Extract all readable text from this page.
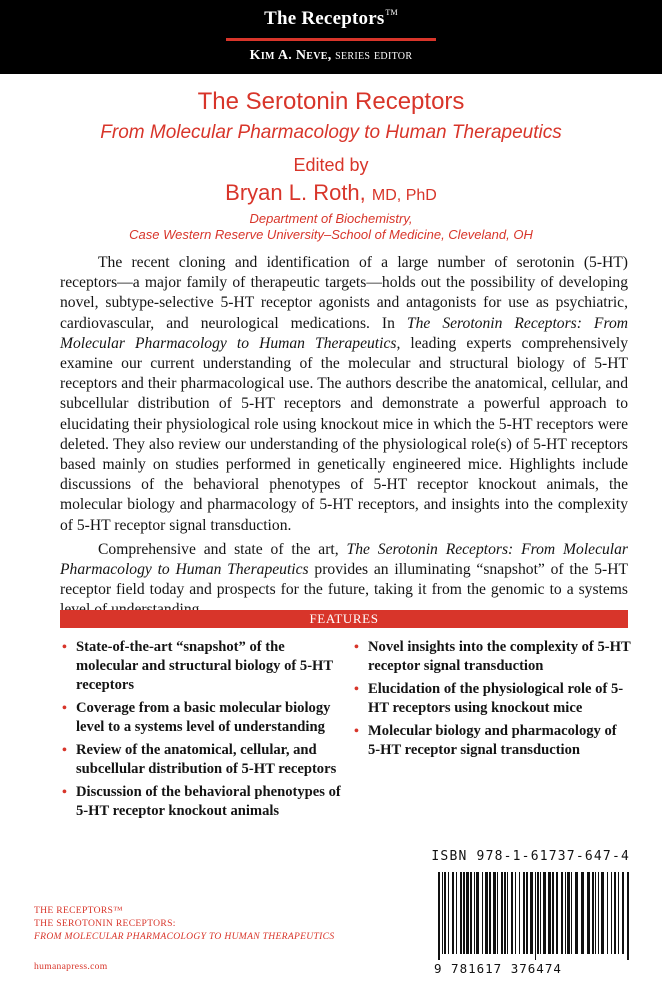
The Receptors™
Kim A. Neve, series editor
The Serotonin Receptors
From Molecular Pharmacology to Human Therapeutics
Edited by
Bryan L. Roth, MD, PhD
Department of Biochemistry,
Case Western Reserve University–School of Medicine, Cleveland, OH

The recent cloning and identification of a large number of serotonin (5-HT) receptors—a major family of therapeutic targets—holds out the possibility of developing novel, subtype-selective 5-HT receptor agonists and antagonists for use as psychiatric, cardiovascular, and neurological medications. In The Serotonin Receptors: From Molecular Pharmacology to Human Therapeutics, leading experts comprehensively examine our current understanding of the molecular and structural biology of 5-HT receptors and their pharmacological use. The authors describe the anatomical, cellular, and subcellular distribution of 5-HT receptors and demonstrate a powerful approach to elucidating their physiological role using knockout mice in which the 5-HT receptors were deleted. They also review our understanding of the physiological role(s) of 5-HT receptors based mainly on studies performed in genetically engineered mice. Highlights include discussions of the behavioral phenotypes of 5-HT receptor knockout animals, the molecular biology and pharmacology of 5-HT receptors, and insights into the complexity of 5-HT receptor signal transduction.

Comprehensive and state of the art, The Serotonin Receptors: From Molecular Pharmacology to Human Therapeutics provides an illuminating “snapshot” of the 5-HT receptor field today and prospects for the future, taking it from the genomic to a systems

FEATURES
• State-of-the-art “snapshot” of the molecular and structural biology of 5-HT receptors
• Coverage from a basic molecular biology level to a systems level of understanding
• Review of the anatomical, cellular, and subcellular distribution of 5-HT receptors
• Discussion of the behavioral phenotypes of 5-HT receptor knockout animals
• Novel insights into the complexity of 5-HT receptor signal transduction
• Elucidation of the physiological role of 5-HT receptors using knockout mice
• Molecular biology and pharmacology of 5-HT receptor signal transduction
ISBN 978-1-61737-647-4
9 781617 376474
THE RECEPTORS™
THE SEROTONIN RECEPTORS:
FROM MOLECULAR PHARMACOLOGY TO HUMAN THERAPEUTICS
humanapress.com
